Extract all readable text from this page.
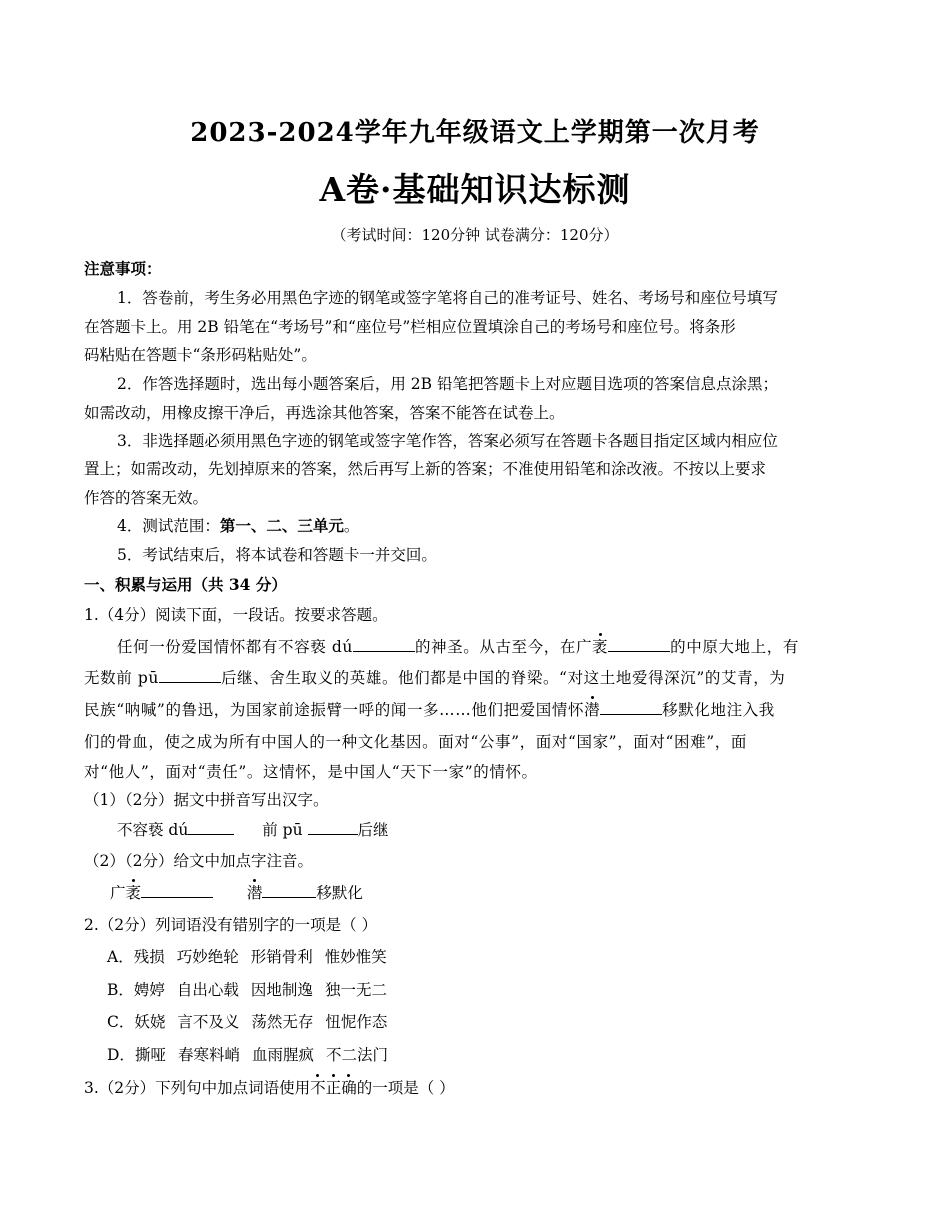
2023-2024学年九年级语文上学期第一次月考
A卷·基础知识达标测
（考试时间：120分钟 试卷满分：120分）
注意事项：
1．答卷前，考生务必用黑色字迹的钢笔或签字笔将自己的准考证号、姓名、考场号和座位号填写
在答题卡上。用 2B 铅笔在“考场号”和“座位号”栏相应位置填涂自己的考场号和座位号。将条形
码粘贴在答题卡“条形码粘贴处”。
2．作答选择题时，选出每小题答案后，用 2B 铅笔把答题卡上对应题目选项的答案信息点涂黑；
如需改动，用橡皮擦干净后，再选涂其他答案，答案不能答在试卷上。
3．非选择题必须用黑色字迹的钢笔或签字笔作答，答案必须写在答题卡各题目指定区域内相应位
置上；如需改动，先划掉原来的答案，然后再写上新的答案；不准使用铅笔和涂改液。不按以上要求
作答的答案无效。
4．测试范围：第一、二、三单元。
5．考试结束后，将本试卷和答题卡一并交回。
一、积累与运用（共 34 分）
1.（4分）阅读下面，一段话。按要求答题。
任何一份爱国情怀都有不容亵 dú	的神圣。从古至今，在广袤	的中原大地上，有
无数前 pū	后继、舍生取义的英雄。他们都是中国的脊梁。“对这土地爱得深沉”的艾青，为
民族“呐喊”的鲁迅，为国家前途振臂一呼的闻一多……他们把爱国情怀潜	移默化地注入我
们的骨血，使之成为所有中国人的一种文化基因。面对“公事”，面对“国家”，面对“困难”，面
对“他人”，面对“责任”。这情怀，是中国人“天下一家”的情怀。
（1）（2分）据文中拼音写出汉字。
不容亵 dú	前 pū	后继
（2）（2分）给文中加点字注音。
广袤	潜	移默化
2.（2分）列词语没有错别字的一项是（ ）
A．残损 巧妙绝轮 形销骨利 惟妙惟笑
B．娉婷 自出心载 因地制逸 独一无二
C．妖娆 言不及义 荡然无存 忸怩作态
D．撕哑 春寒料峭 血雨腥疯 不二法门
3.（2分）下列句中加点词语使用不正确的一项是（ ）
